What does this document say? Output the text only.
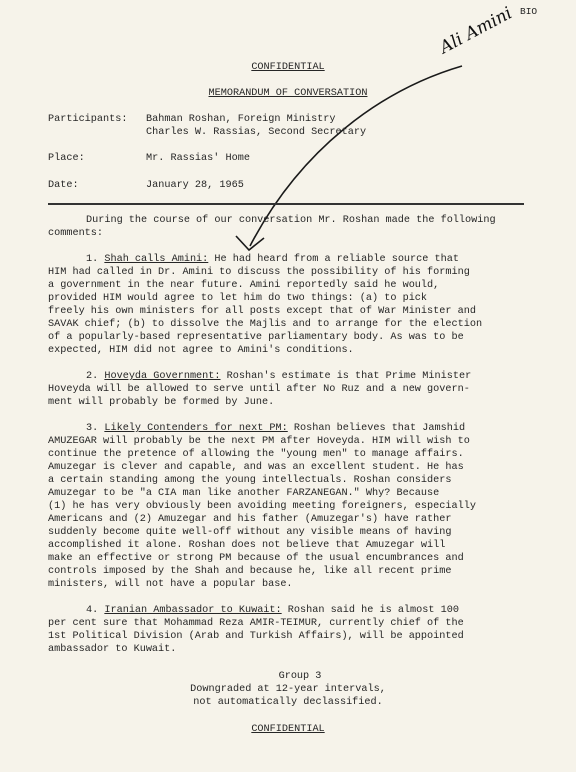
BIO
Ali Amini
CONFIDENTIAL
MEMORANDUM OF CONVERSATION
Participants: Bahman Roshan, Foreign Ministry
Charles W. Rassias, Second Secretary
Place:	Mr. Rassias' Home
Date:	January 28, 1965
During the course of our conversation Mr. Roshan made the following
comments:
1. Shah calls Amini: He had heard from a reliable source that
HIM had called in Dr. Amini to discuss the possibility of his forming
a government in the near future. Amini reportedly said he would,
provided HIM would agree to let him do two things: (a) to pick
freely his own ministers for all posts except that of War Minister and
SAVAK chief; (b) to dissolve the Majlis and to arrange for the election
of a popularly-based representative parliamentary body. As was to be
expected, HIM did not agree to Amini's conditions.
2. Hoveyda Government: Roshan's estimate is that Prime Minister
Hoveyda will be allowed to serve until after No Ruz and a new govern-
ment will probably be formed by June.
3. Likely Contenders for next PM: Roshan believes that Jamshid
AMUZEGAR will probably be the next PM after Hoveyda. HIM will wish to
continue the pretence of allowing the "young men" to manage affairs.
Amuzegar is clever and capable, and was an excellent student. He has
a certain standing among the young intellectuals. Roshan considers
Amuzegar to be "a CIA man like another FARZANEGAN." Why? Because
(1) he has very obviously been avoiding meeting foreigners, especially
Americans and (2) Amuzegar and his father (Amuzegar's) have rather
suddenly become quite well-off without any visible means of having
accomplished it alone. Roshan does not believe that Amuzegar will
make an effective or strong PM because of the usual encumbrances and
controls imposed by the Shah and because he, like all recent prime
ministers, will not have a popular base.
4. Iranian Ambassador to Kuwait: Roshan said he is almost 100
per cent sure that Mohammad Reza AMIR-TEIMUR, currently chief of the
1st Political Division (Arab and Turkish Affairs), will be appointed
ambassador to Kuwait.
Group 3
Downgraded at 12-year intervals,
not automatically declassified.
CONFIDENTIAL
